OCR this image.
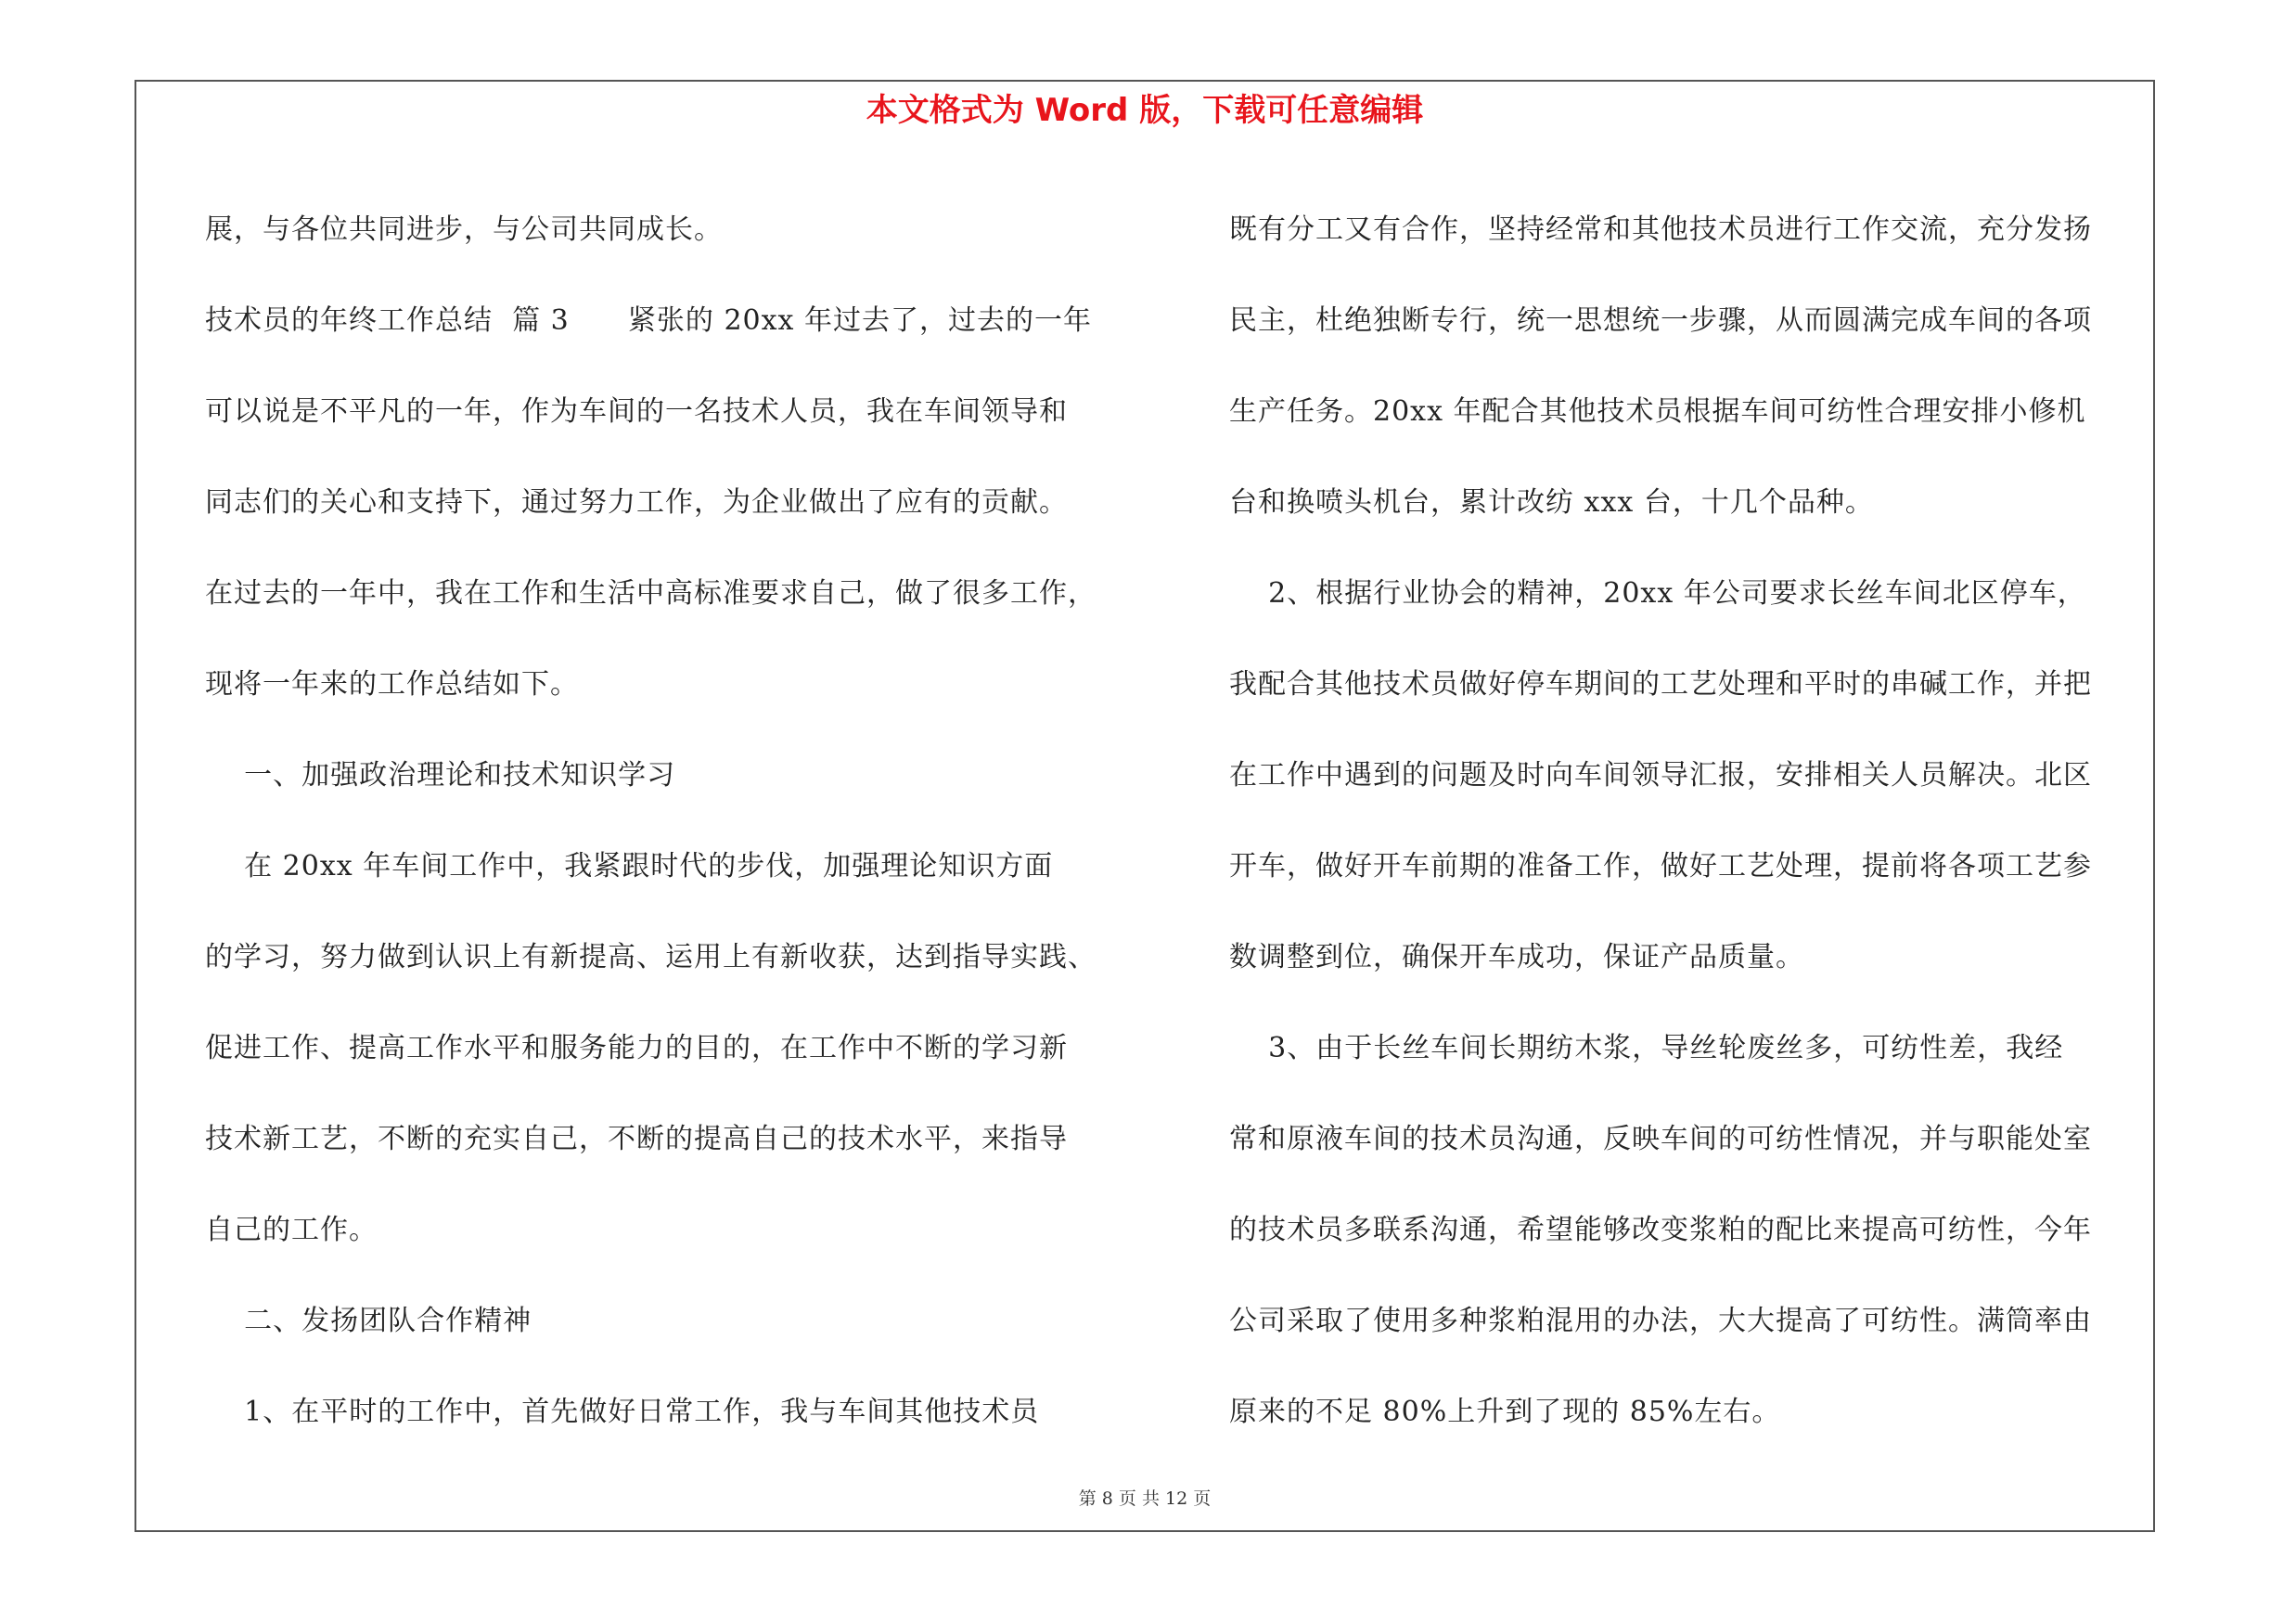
本文格式为 Word 版，下载可任意编辑
展，与各位共同进步，与公司共同成长。
技术员的年终工作总结  篇 3      紧张的 20xx 年过去了，过去的一年
可以说是不平凡的一年，作为车间的一名技术人员，我在车间领导和
同志们的关心和支持下，通过努力工作，为企业做出了应有的贡献。
在过去的一年中，我在工作和生活中高标准要求自己，做了很多工作，
现将一年来的工作总结如下。
一、加强政治理论和技术知识学习
在 20xx 年车间工作中，我紧跟时代的步伐，加强理论知识方面
的学习，努力做到认识上有新提高、运用上有新收获，达到指导实践、
促进工作、提高工作水平和服务能力的目的，在工作中不断的学习新
技术新工艺，不断的充实自己，不断的提高自己的技术水平，来指导
自己的工作。
二、发扬团队合作精神
1、在平时的工作中，首先做好日常工作，我与车间其他技术员
既有分工又有合作，坚持经常和其他技术员进行工作交流，充分发扬
民主，杜绝独断专行，统一思想统一步骤，从而圆满完成车间的各项
生产任务。20xx 年配合其他技术员根据车间可纺性合理安排小修机
台和换喷头机台，累计改纺 xxx 台，十几个品种。
2、根据行业协会的精神，20xx 年公司要求长丝车间北区停车，
我配合其他技术员做好停车期间的工艺处理和平时的串碱工作，并把
在工作中遇到的问题及时向车间领导汇报，安排相关人员解决。北区
开车，做好开车前期的准备工作，做好工艺处理，提前将各项工艺参
数调整到位，确保开车成功，保证产品质量。
3、由于长丝车间长期纺木浆，导丝轮废丝多，可纺性差，我经
常和原液车间的技术员沟通，反映车间的可纺性情况，并与职能处室
的技术员多联系沟通，希望能够改变浆粕的配比来提高可纺性，今年
公司采取了使用多种浆粕混用的办法，大大提高了可纺性。满筒率由
原来的不足 80%上升到了现的 85%左右。
第 8 页 共 12 页
